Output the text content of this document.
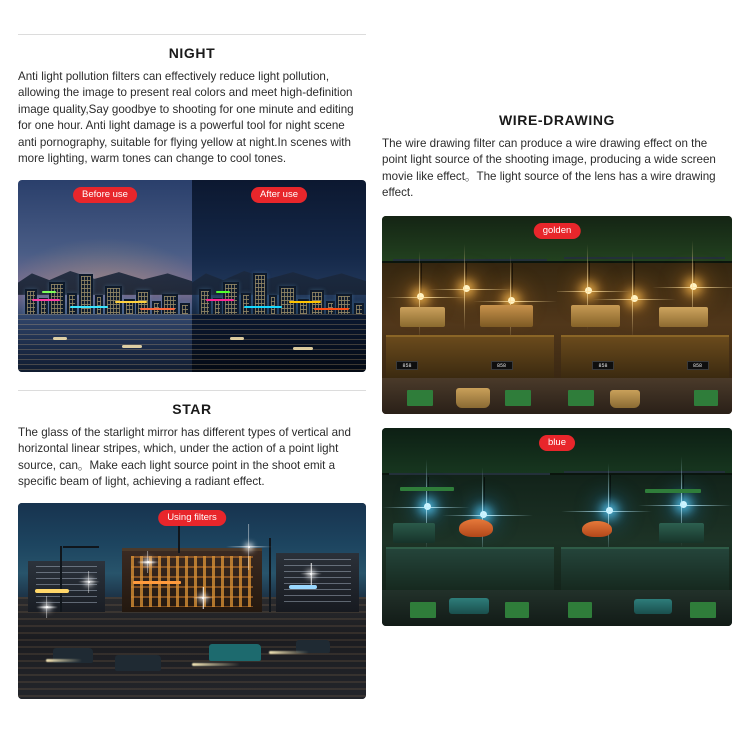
NIGHT

Anti light pollution filters can effectively reduce light pollution, allowing the image to present real colors and meet high-definition image quality,Say goodbye to shooting for one minute and editing for one hour. Anti light damage is a powerful tool for night scene anti pornography, suitable for flying yellow at night.In scenes with more lighting, warm tones can change to cool tones.

Before use	After use
STAR

The glass of the starlight mirror has different types of vertical and horizontal linear stripes, which, under the action of a point light source, can。Make each light source point in the shoot emit a specific beam of light, achieving a radiant effect.

Using filters
WIRE-DRAWING

The wire drawing filter can produce a wire drawing effect on the point light source of the shooting image, producing a wide screen movie like effect。The light source of the lens has a wire drawing effect.

858	858	858	858
golden
blue
